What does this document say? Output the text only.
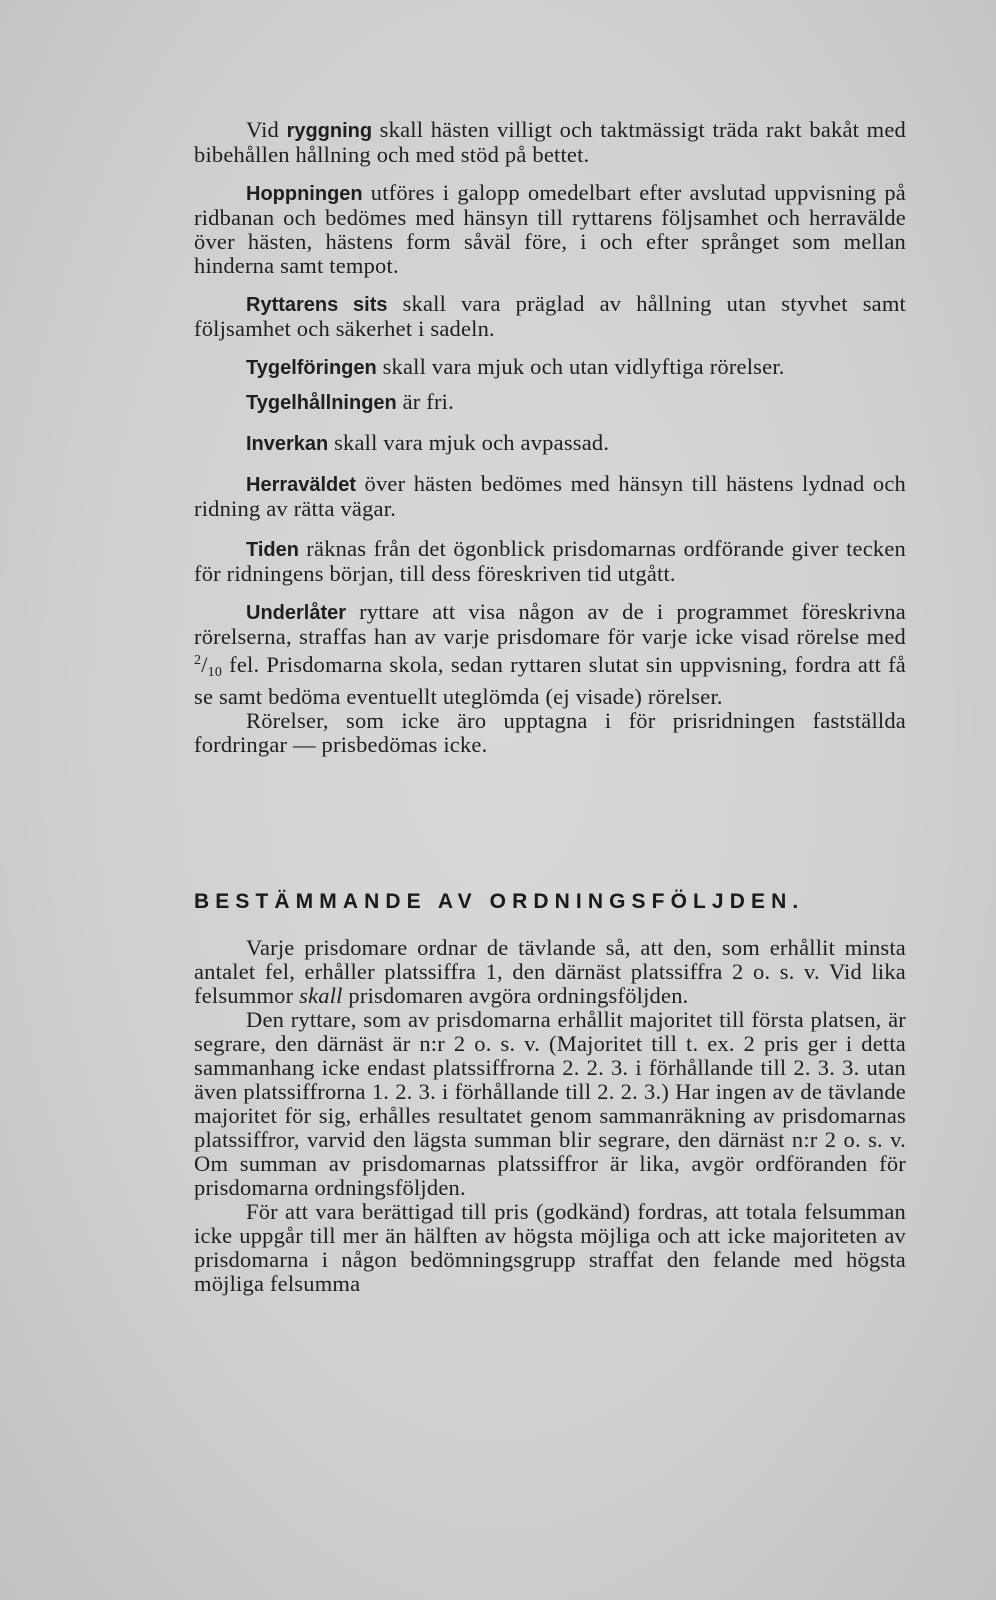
Vid ryggning skall hästen villigt och taktmässigt träda rakt bakåt med bibehållen hållning och med stöd på bettet.

Hoppningen utföres i galopp omedelbart efter avslutad uppvisning på ridbanan och bedömes med hänsyn till ryttarens följsamhet och herravälde över hästen, hästens form såväl före, i och efter språnget som mellan hinderna samt tempot.

Ryttarens sits skall vara präglad av hållning utan styvhet samt följsamhet och säkerhet i sadeln.

Tygelföringen skall vara mjuk och utan vidlyftiga rörelser.

Tygelhållningen är fri.

Inverkan skall vara mjuk och avpassad.

Herraväldet över hästen bedömes med hänsyn till hästens lydnad och ridning av rätta vägar.

Tiden räknas från det ögonblick prisdomarnas ordförande giver tecken för ridningens början, till dess föreskriven tid utgått.

Underlåter ryttare att visa någon av de i programmet föreskrivna rörelserna, straffas han av varje prisdomare för varje icke visad rörelse med $^2$/10 fel. Prisdomarna skola, sedan ryttaren slutat sin uppvisning, fordra att få se samt bedöma eventuellt uteglömda (ej visade) rörelser.

Rörelser, som icke äro upptagna i för prisridningen fastställda fordringar — prisbedömas icke.

BESTÄMMANDE AV ORDNINGSFÖLJDEN.

Varje prisdomare ordnar de tävlande så, att den, som erhållit minsta antalet fel, erhåller platssiffra 1, den därnäst platssiffra 2 o. s. v. Vid lika felsummor skall prisdomaren avgöra ordningsföljden.

Den ryttare, som av prisdomarna erhållit majoritet till första platsen, är segrare, den därnäst är n:r 2 o. s. v. (Majoritet till t. ex. 2 pris ger i detta sammanhang icke endast platssiffrorna 2. 2. 3. i förhållande till 2. 3. 3. utan även platssiffrorna 1. 2. 3. i förhållande till 2. 2. 3.) Har ingen av de tävlande majoritet för sig, erhålles resultatet genom sammanräkning av prisdomarnas platssiffror, varvid den lägsta summan blir segrare, den därnäst n:r 2 o. s. v. Om summan av prisdomarnas platssiffror är lika, avgör ordföranden för prisdomarna ordningsföljden.

För att vara berättigad till pris (godkänd) fordras, att totala felsumman icke uppgår till mer än hälften av högsta möjliga och att icke majoriteten av prisdomarna i någon bedömningsgrupp straffat den felande med högsta möjliga felsumma
